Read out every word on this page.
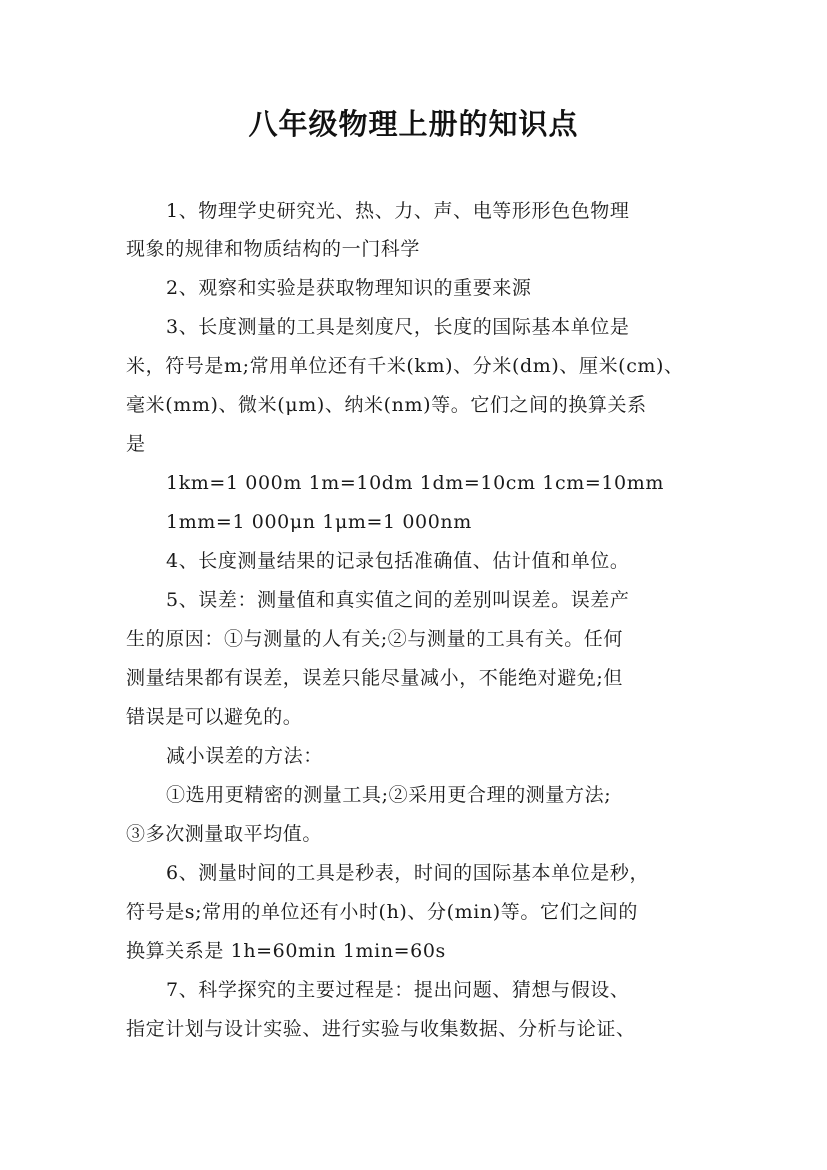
八年级物理上册的知识点
1、物理学史研究光、热、力、声、电等形形色色物理
现象的规律和物质结构的一门科学
2、观察和实验是获取物理知识的重要来源
3、长度测量的工具是刻度尺，长度的国际基本单位是
米，符号是m;常用单位还有千米(km)、分米(dm)、厘米(cm)、
毫米(mm)、微米(μm)、纳米(nm)等。它们之间的换算关系
是
1km=1 000m 1m=10dm 1dm=10cm 1cm=10mm
1mm=1 000μn 1μm=1 000nm
4、长度测量结果的记录包括准确值、估计值和单位。
5、误差：测量值和真实值之间的差别叫误差。误差产
生的原因：①与测量的人有关;②与测量的工具有关。任何
测量结果都有误差，误差只能尽量减小，不能绝对避免;但
错误是可以避免的。
减小误差的方法：
①选用更精密的测量工具;②采用更合理的测量方法;
③多次测量取平均值。
6、测量时间的工具是秒表，时间的国际基本单位是秒，
符号是s;常用的单位还有小时(h)、分(min)等。它们之间的
换算关系是 1h=60min 1min=60s
7、科学探究的主要过程是：提出问题、猜想与假设、
指定计划与设计实验、进行实验与收集数据、分析与论证、
